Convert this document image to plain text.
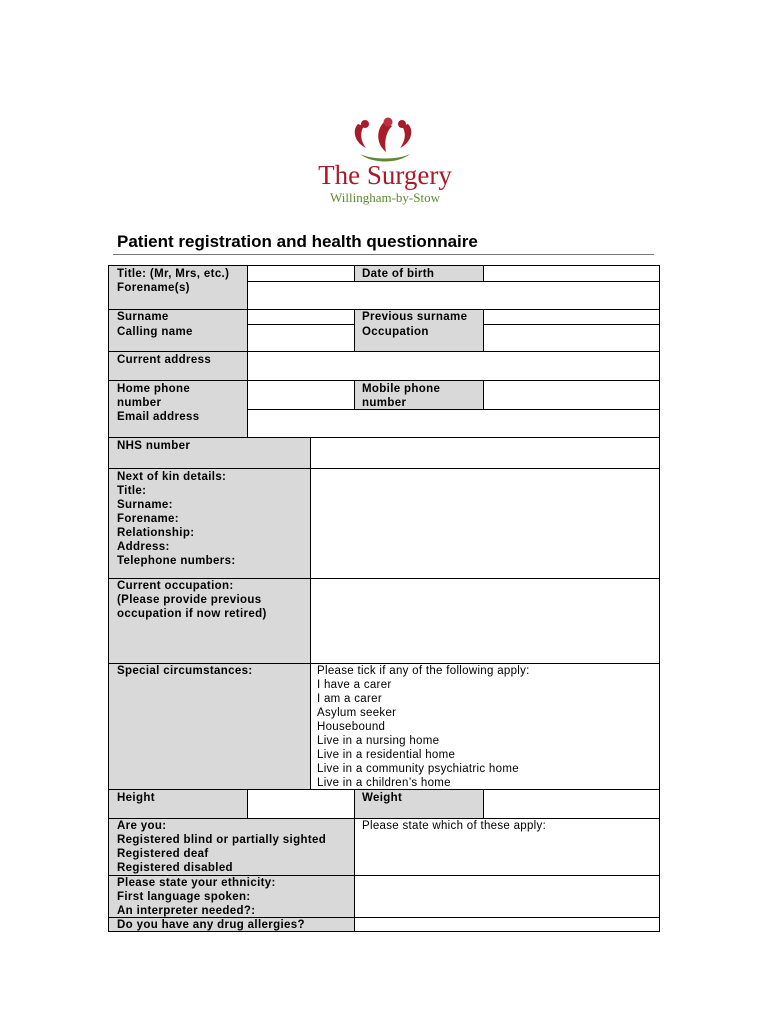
The Surgery
Willingham-by-Stow
Patient registration and health questionnaire
Title: (Mr, Mrs, etc.)
Forename(s)
Date of birth
Surname
Calling name
Previous surname
Occupation
Current address
Home phone
number
Email address
Mobile phone
number
NHS number
Next of kin details:
Title:
Surname:
Forename:
Relationship:
Address:
Telephone numbers:
Current occupation:
(Please provide previous
occupation if now retired)
Special circumstances:	Please tick if any of the following apply:
I have a carer
I am a carer
Asylum seeker
Housebound
Live in a nursing home
Live in a residential home
Live in a community psychiatric home
Live in a children’s home
Height	Weight
Are you:
Registered blind or partially sighted
Registered deaf
Registered disabled
Please state which of these apply:
Please state your ethnicity:
First language spoken:
An interpreter needed?:
Do you have any drug allergies?
